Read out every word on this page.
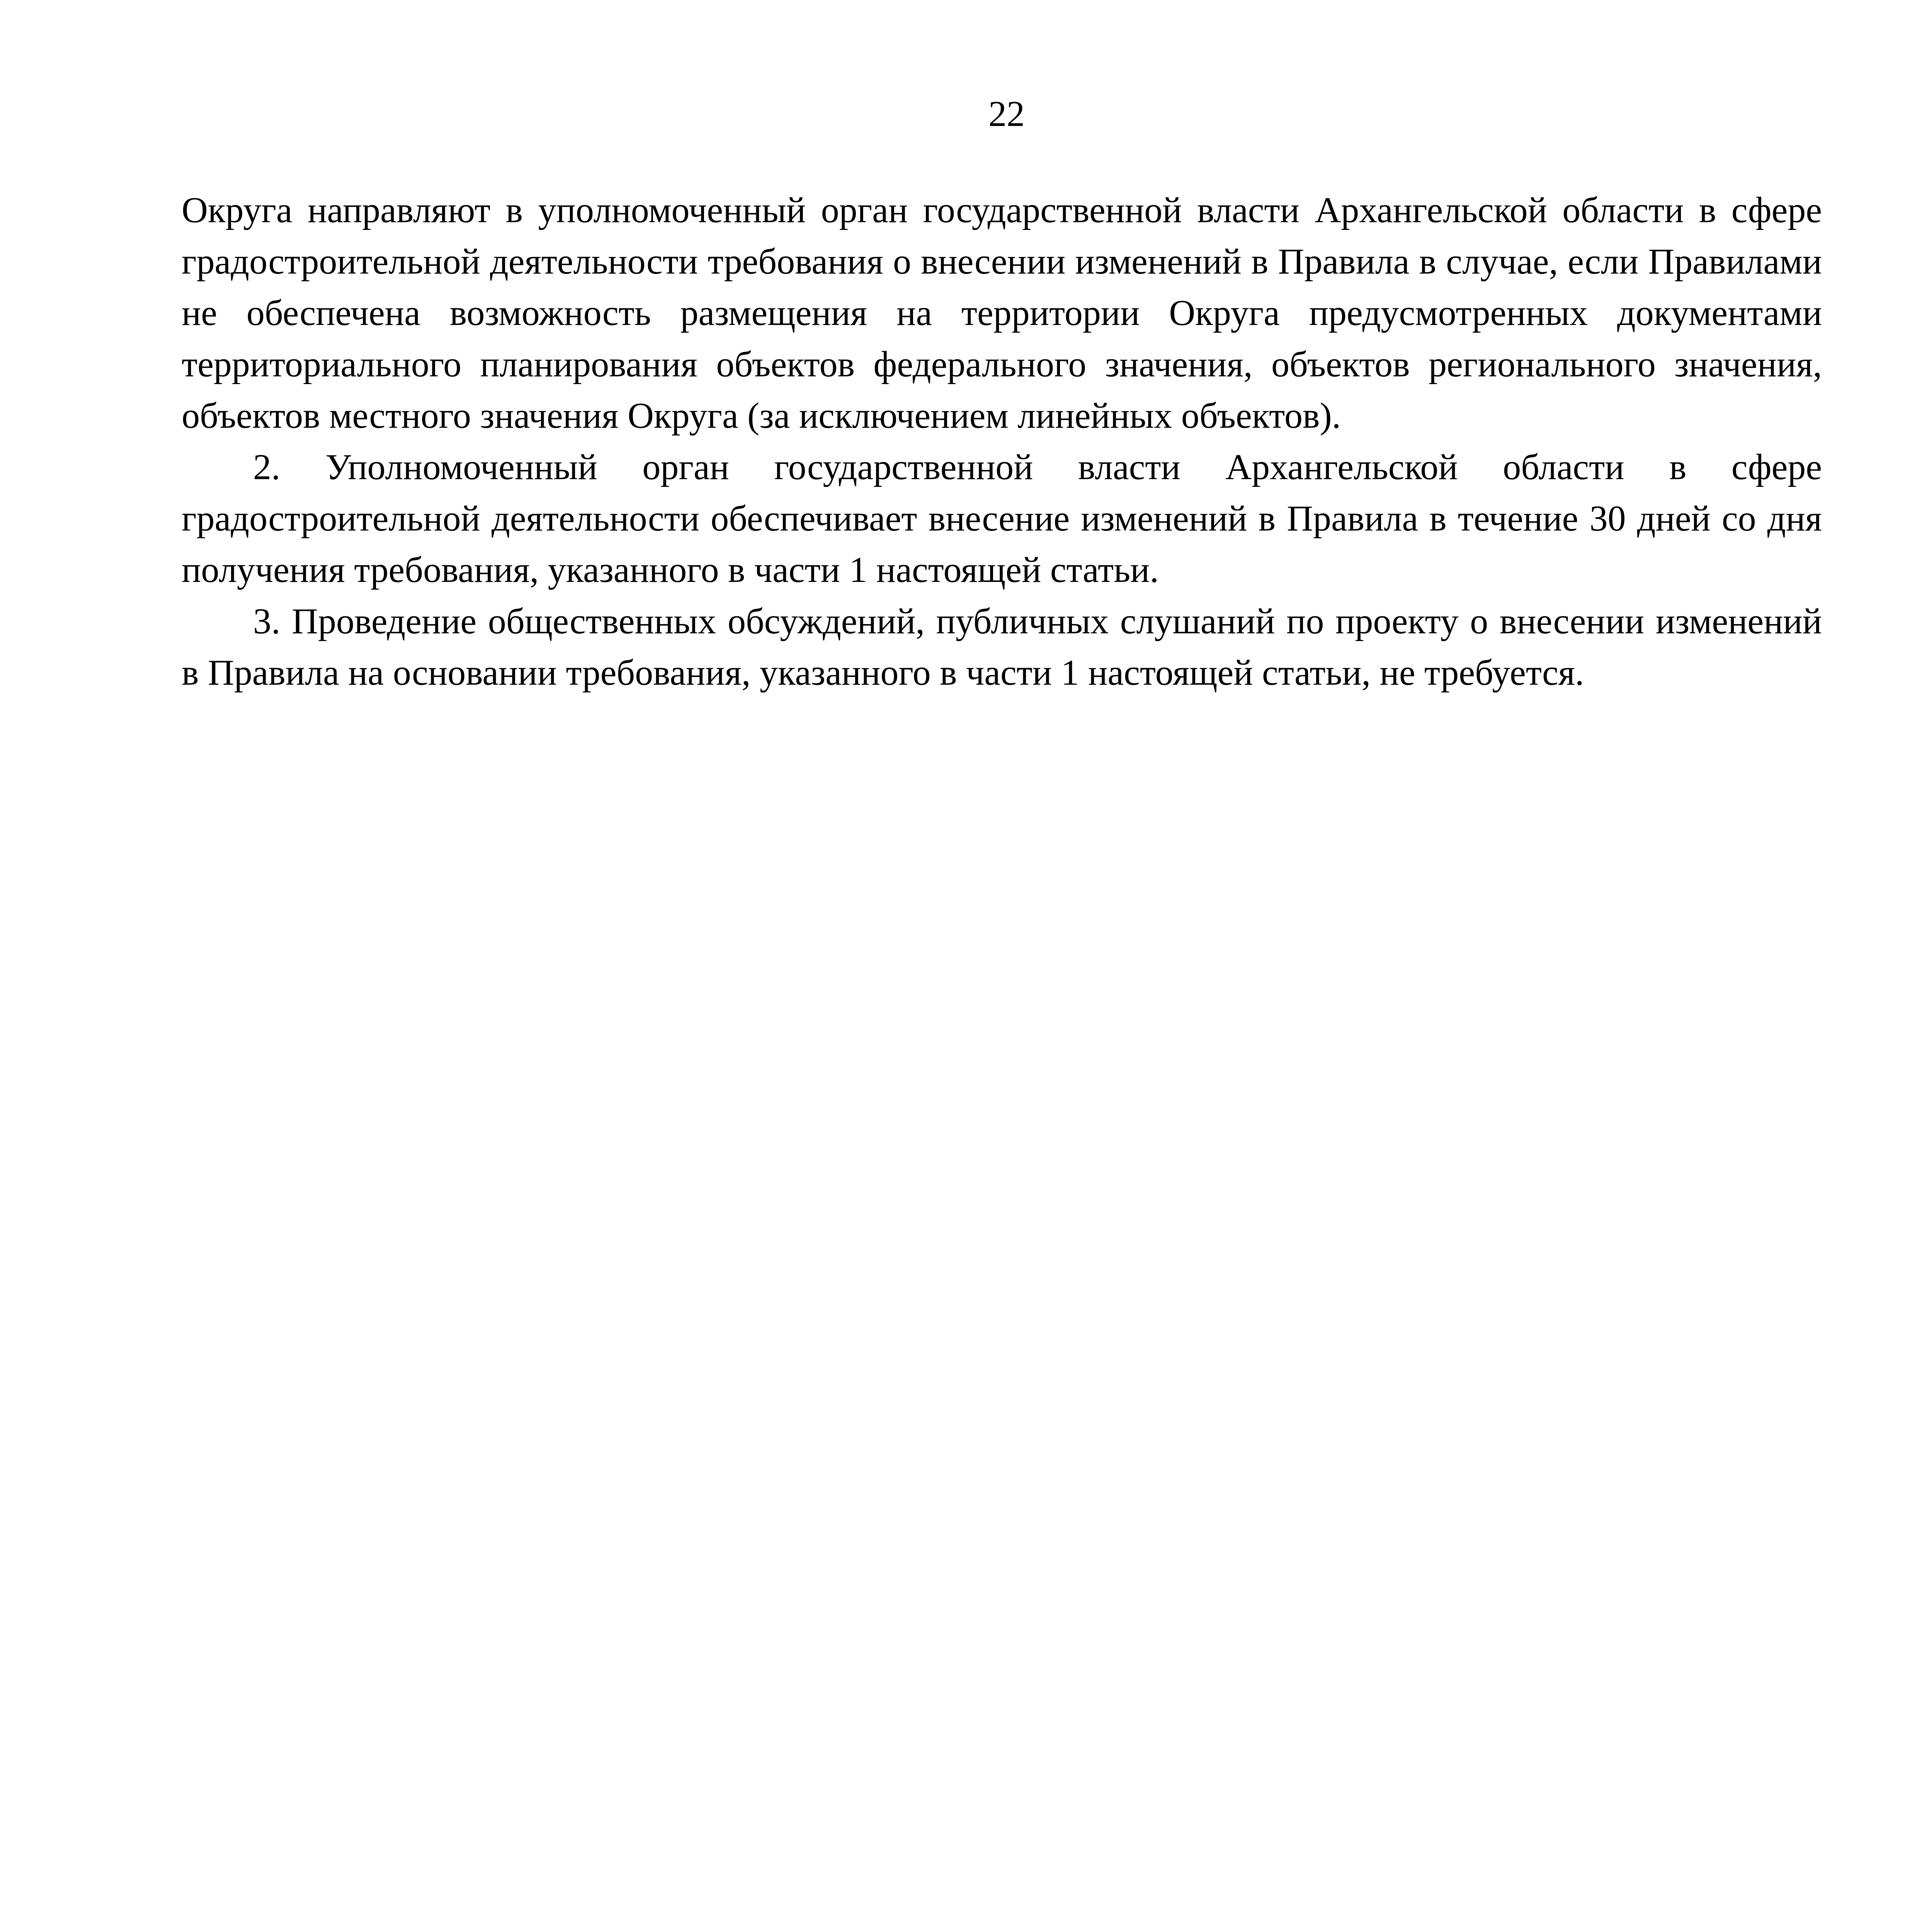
22

Округа направляют в уполномоченный орган государственной власти Архангельской области в сфере градостроительной деятельности требования о внесении изменений в Правила в случае, если Правилами не обеспечена возможность размещения на территории Округа предусмотренных документами территориального планирования объектов федерального значения, объектов регионального значения, объектов местного значения Округа (за исключением линейных объектов).

2. Уполномоченный орган государственной власти Архангельской области в сфере градостроительной деятельности обеспечивает внесение изменений в Правила в течение 30 дней со дня получения требования, указанного в части 1 настоящей статьи.

3. Проведение общественных обсуждений, публичных слушаний по проекту о внесении изменений в Правила на основании требования, указанного в части 1 настоящей статьи, не требуется.
